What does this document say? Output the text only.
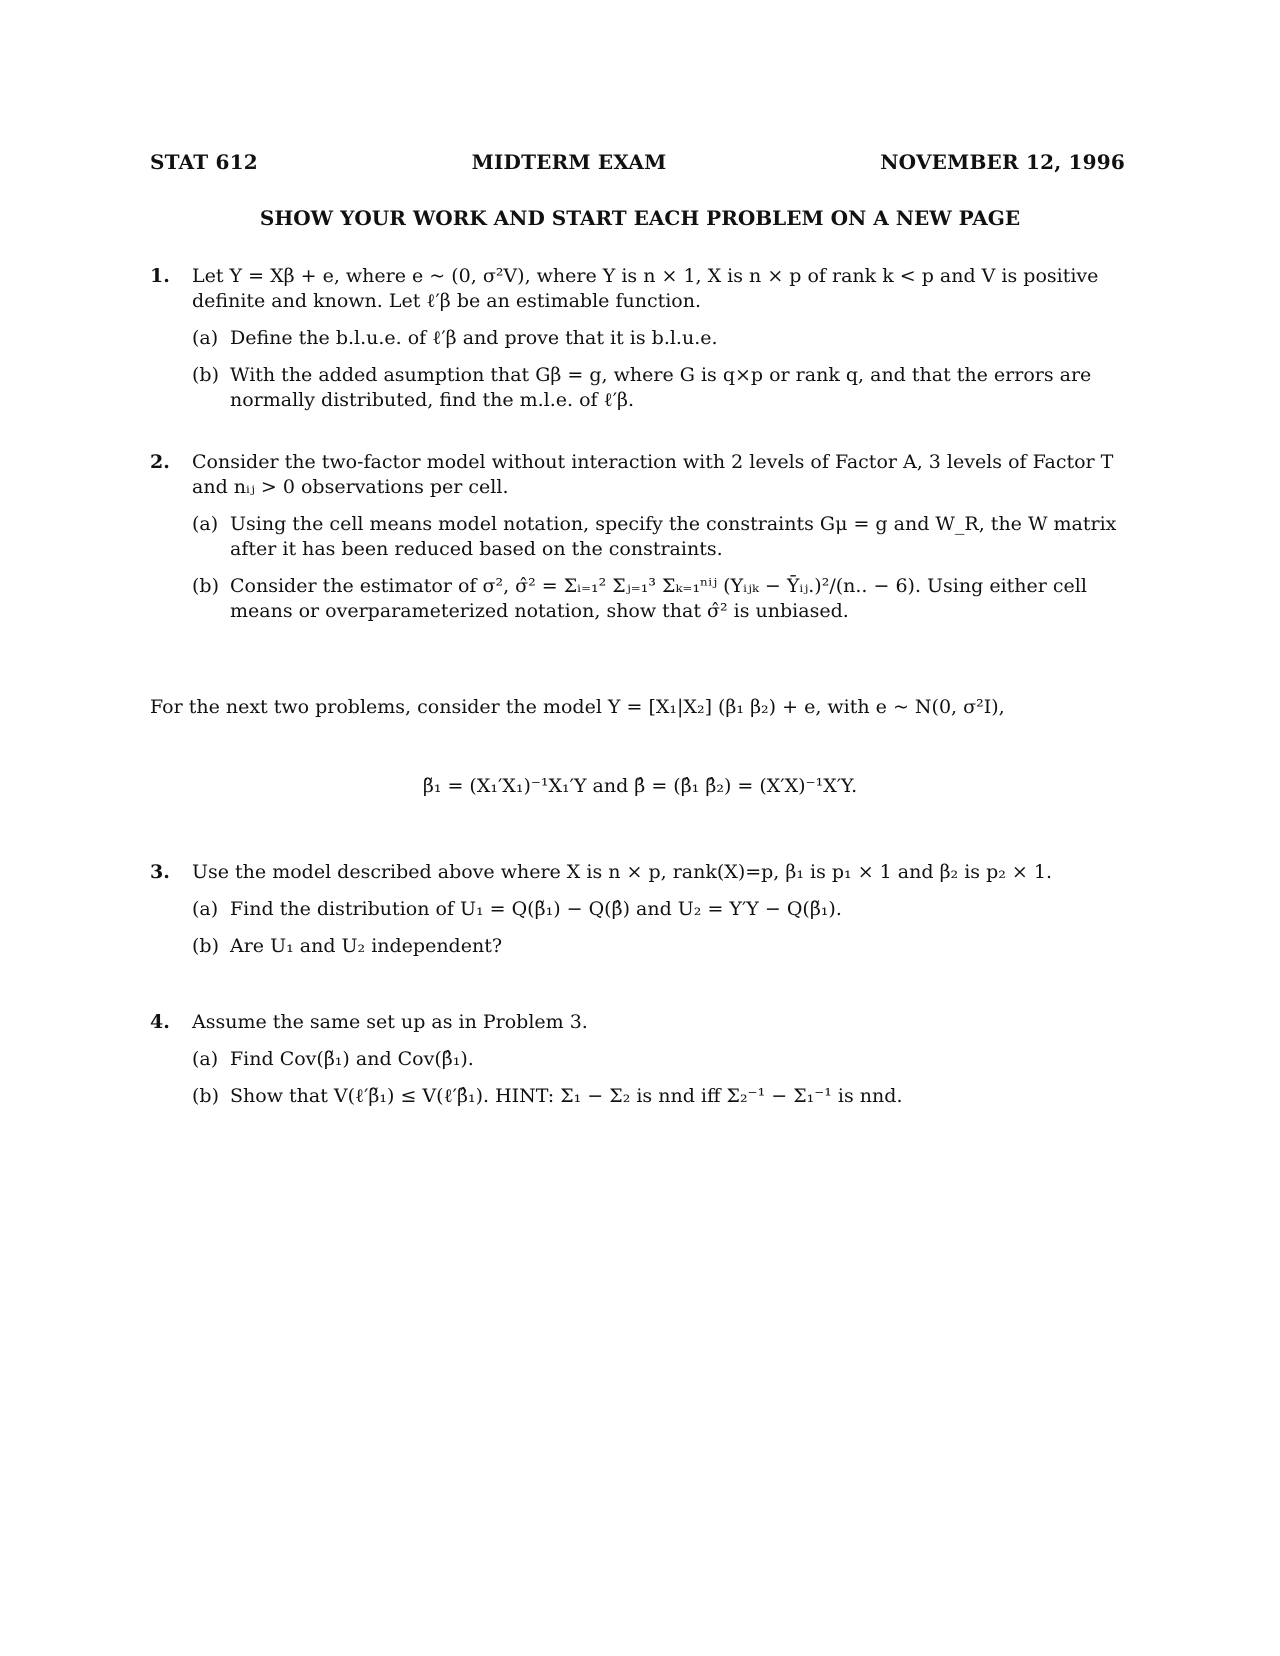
STAT 612	MIDTERM EXAM	NOVEMBER 12, 1996
SHOW YOUR WORK AND START EACH PROBLEM ON A NEW PAGE
1. Let Y = Xβ + e, where e ~ (0, σ²V), where Y is n × 1, X is n × p of rank k < p and V is positive definite and known. Let ℓ′β be an estimable function.
(a) Define the b.l.u.e. of ℓ′β and prove that it is b.l.u.e.
(b) With the added asumption that Gβ = g, where G is q×p or rank q, and that the errors are normally distributed, find the m.l.e. of ℓ′β.
2. Consider the two-factor model without interaction with 2 levels of Factor A, 3 levels of Factor T and nᵢⱼ > 0 observations per cell.
(a) Using the cell means model notation, specify the constraints Gμ = g and W_R, the W matrix after it has been reduced based on the constraints.
(b) Consider the estimator of σ², σ̂² = Σᵢ₌₁² Σⱼ₌₁³ Σₖ₌₁ⁿⁱʲ (Yᵢⱼₖ − Ȳᵢⱼ.)²/(n.. − 6). Using either cell means or overparameterized notation, show that σ̂² is unbiased.
For the next two problems, consider the model Y = [X₁|X₂] (β₁ β₂) + e, with e ~ N(0, σ²I),
β̃₁ = (X₁′X₁)⁻¹X₁′Y and β̂ = (β̂₁ β̂₂) = (X′X)⁻¹X′Y.
3. Use the model described above where X is n × p, rank(X)=p, β₁ is p₁ × 1 and β₂ is p₂ × 1.
(a) Find the distribution of U₁ = Q(β̃₁) − Q(β̂) and U₂ = Y′Y − Q(β̃₁).
(b) Are U₁ and U₂ independent?
4. Assume the same set up as in Problem 3.
(a) Find Cov(β̃₁) and Cov(β̂₁).
(b) Show that V(ℓ′β̃₁) ≤ V(ℓ′β̂₁). HINT: Σ₁ − Σ₂ is nnd iff Σ₂⁻¹ − Σ₁⁻¹ is nnd.
